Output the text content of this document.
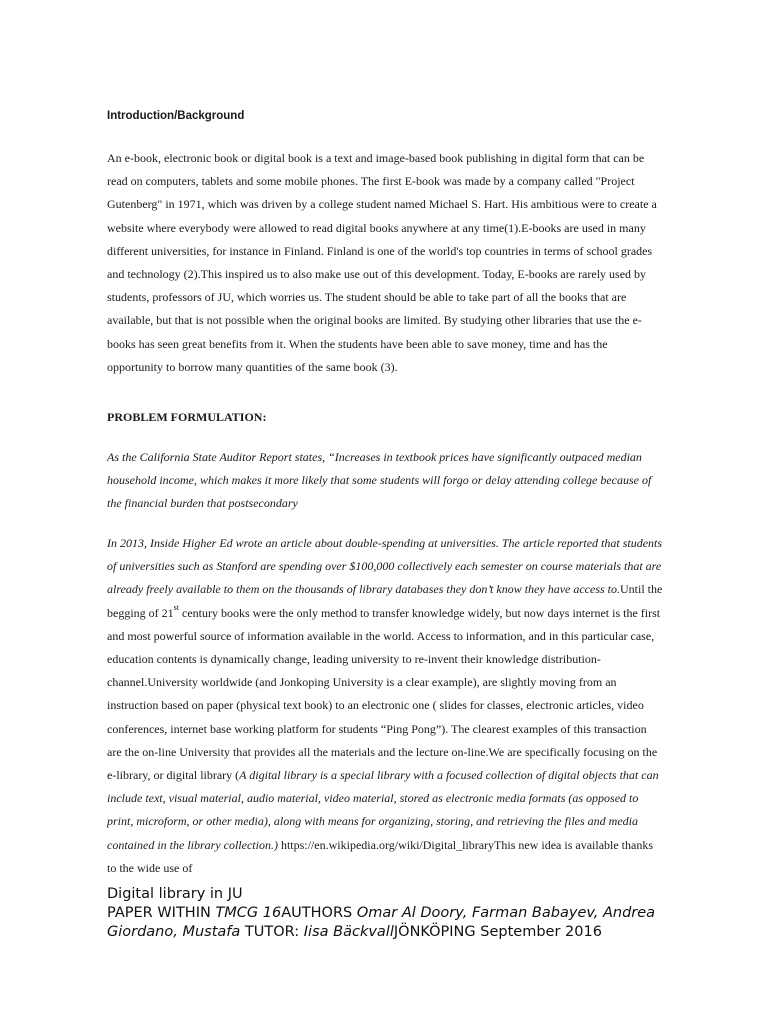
Introduction/Background

An e-book, electronic book or digital book is a text and image-based book publishing in digital form that can be read on computers, tablets and some mobile phones. The first E-book was made by a company called "Project Gutenberg" in 1971, which was driven by a college student named Michael S. Hart. His ambitious were to create a website where everybody were allowed to read digital books anywhere at any time(1).E-books are used in many different universities, for instance in Finland. Finland is one of the world's top countries in terms of school grades and technology (2).This inspired us to also make use out of this development. Today, E-books are rarely used by students, professors of JU, which worries us. The student should be able to take part of all the books that are available, but that is not possible when the original books are limited. By studying other libraries that use the e-books has seen great benefits from it. When the students have been able to save money, time and has the opportunity to borrow many quantities of the same book (3).

PROBLEM FORMULATION:

As the California State Auditor Report states, “Increases in textbook prices have significantly outpaced median household income, which makes it more likely that some students will forgo or delay attending college because of the financial burden that postsecondary

In 2013, Inside Higher Ed wrote an article about double-spending at universities. The article reported that students of universities such as Stanford are spending over $100,000 collectively each semester on course materials that are already freely available to them on the thousands of library databases they don’t know they have access to.Until the begging of 21st century books were the only method to transfer knowledge widely, but now days internet is the first and most powerful source of information available in the world. Access to information, and in this particular case, education contents is dynamically change, leading university to re-invent their knowledge distribution-channel.University worldwide (and Jonkoping University is a clear example), are slightly moving from an instruction based on paper (physical text book) to an electronic one ( slides for classes, electronic articles, video conferences, internet base working platform for students “Ping Pong”). The clearest examples of this transaction are the on-line University that provides all the materials and the lecture on-line.We are specifically focusing on the e-library, or digital library (A digital library is a special library with a focused collection of digital objects that can include text, visual material, audio material, video material, stored as electronic media formats (as opposed to print, microform, or other media), along with means for organizing, storing, and retrieving the files and media contained in the library collection.) https://en.wikipedia.org/wiki/Digital_libraryThis new idea is available thanks to the wide use of

Digital library in JU
PAPER WITHIN TMCG 16AUTHORS Omar Al Doory, Farman Babayev, Andrea Giordano, Mustafa TUTOR: Iisa BäckvallJÖNKÖPING September 2016
